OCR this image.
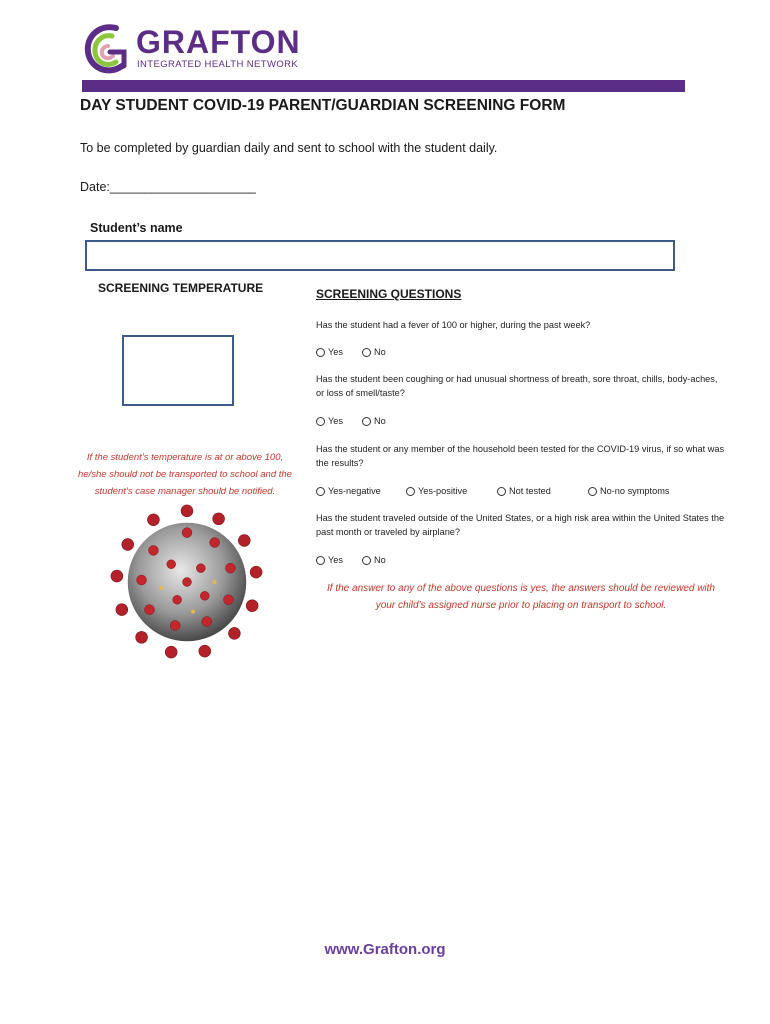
GRAFTON
INTEGRATED HEALTH NETWORK
DAY STUDENT COVID-19 PARENT/GUARDIAN SCREENING FORM
To be completed by guardian daily and sent to school with the student daily.
Date:_____________________
Student’s name
SCREENING TEMPERATURE
If the student’s temperature is at or above 100, he/she should not be transported to school and the student’s case manager should be notified.
SCREENING QUESTIONS
Has the student had a fever of 100 or higher, during the past week?
Yes	No
Has the student been coughing or had unusual shortness of breath, sore throat, chills, body-aches, or loss of smell/taste?
Yes	No
Has the student or any member of the household been tested for the COVID-19 virus, if so what was the results?
Yes-negative	Yes-positive	Not tested	No-no symptoms
Has the student traveled outside of the United States, or a high risk area within the United States the past month or traveled by airplane?
Yes	No
If the answer to any of the above questions is yes, the answers should be reviewed with your child’s assigned nurse prior to placing on transport to school.
www.Grafton.org
